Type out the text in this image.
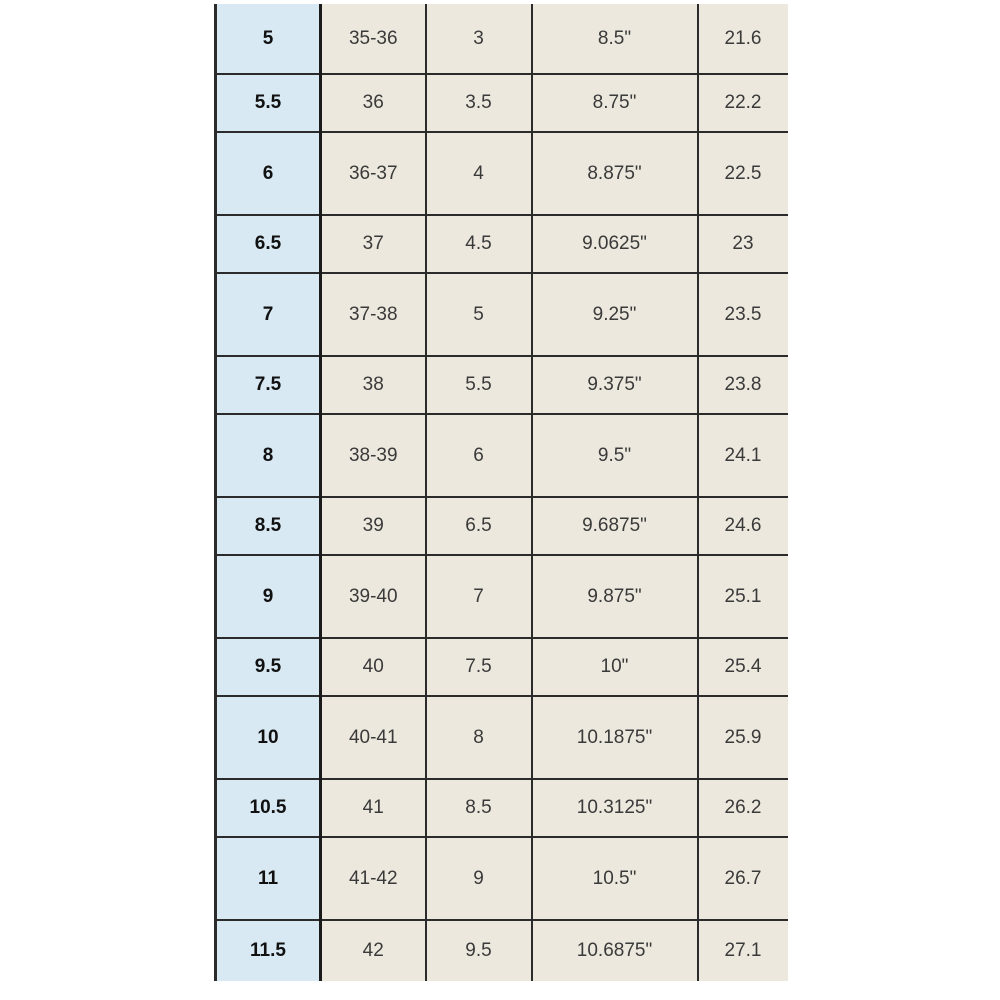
5	35-36	3	8.5"	21.6
5.5	36	3.5	8.75"	22.2
6	36-37	4	8.875"	22.5
6.5	37	4.5	9.0625"	23
7	37-38	5	9.25"	23.5
7.5	38	5.5	9.375"	23.8
8	38-39	6	9.5"	24.1
8.5	39	6.5	9.6875"	24.6
9	39-40	7	9.875"	25.1
9.5	40	7.5	10"	25.4
10	40-41	8	10.1875"	25.9
10.5	41	8.5	10.3125"	26.2
11	41-42	9	10.5"	26.7
11.5	42	9.5	10.6875"	27.1
